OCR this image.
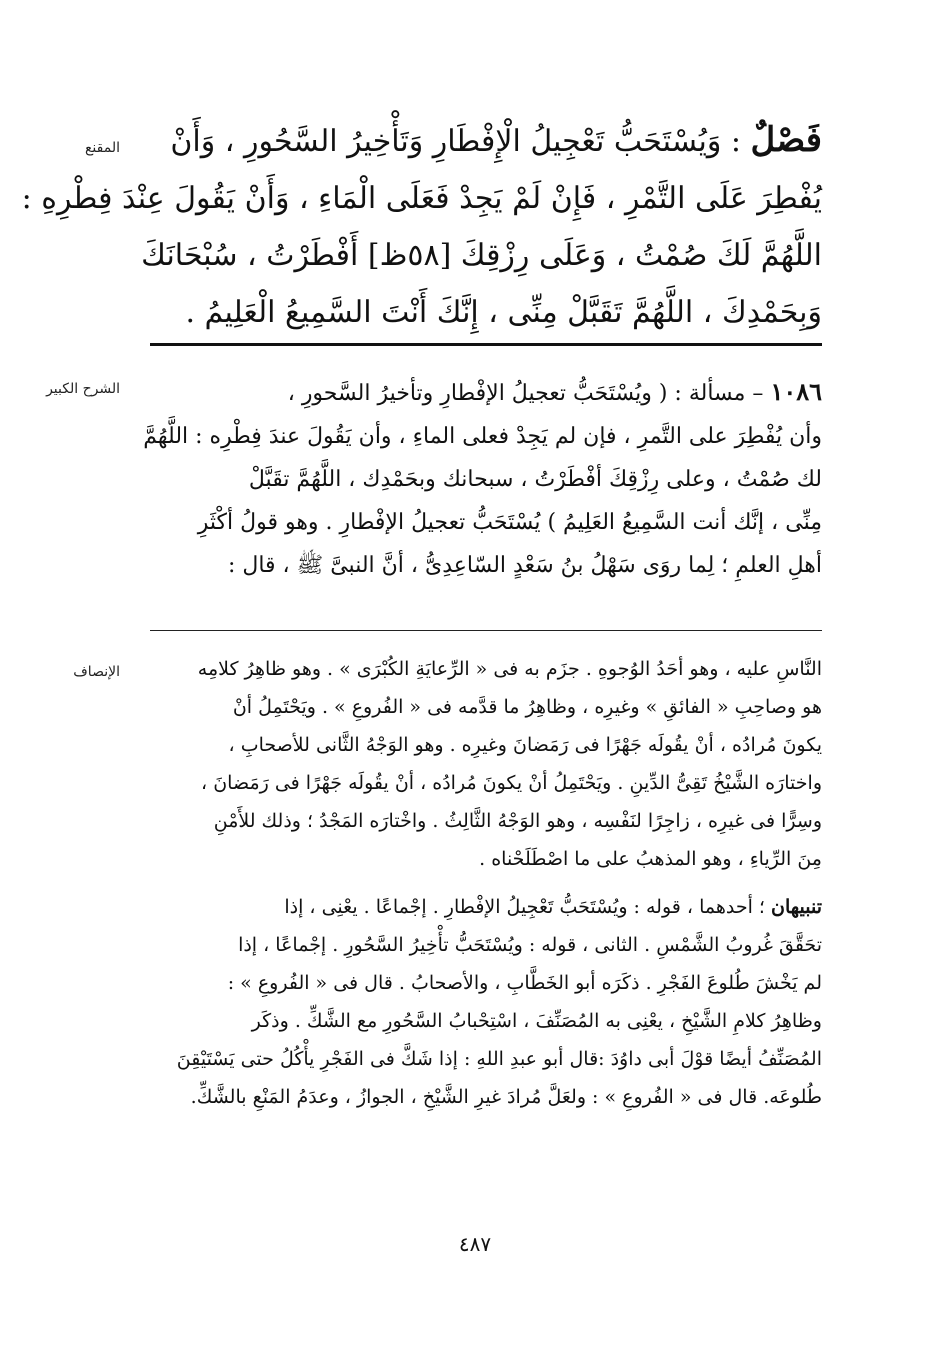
المقنع
الشرح الكبير
الإنصاف
فَصْلٌ : وَيُسْتَحَبُّ تَعْجِيلُ الْإِفْطَارِ وَتَأْخِيرُ السَّحُورِ ، وَأَنْ
يُفْطِرَ عَلَى التَّمْرِ ، فَإِنْ لَمْ يَجِدْ فَعَلَى الْمَاءِ ، وَأَنْ يَقُولَ عِنْدَ فِطْرِهِ :
اللَّهُمَّ لَكَ صُمْتُ ، وَعَلَى رِزْقِكَ [٥٨ظ] أَفْطَرْتُ ، سُبْحَانَكَ
وَبِحَمْدِكَ ، اللَّهُمَّ تَقَبَّلْ مِنِّى ، إِنَّكَ أَنْتَ السَّمِيعُ الْعَلِيمُ .
١٠٨٦ – مسألة : ( ويُسْتَحَبُّ تعجيلُ الإفْطارِ وتأخيرُ السَّحورِ ،
وأن يُفْطِرَ على التَّمرِ ، فإن لم يَجِدْ فعلى الماءِ ، وأن يَقُولَ عندَ فِطْرِه : اللَّهُمَّ
لك صُمْتُ ، وعلى رِزْقِكَ أفْطَرْتُ ، سبحانك وبحَمْدِك ، اللَّهُمَّ تقَبَّلْ
مِنِّى ، إنَّك أنت السَّمِيعُ العَلِيمُ ) يُسْتَحَبُّ تعجيلُ الإفْطارِ . وهو قولُ أكْثَرِ
أهلِ العلمِ ؛ لِما روَى سَهْلُ بنُ سَعْدٍ السّاعِدِىُّ ، أنَّ النبىَّ ﷺ ، قال :
النَّاسِ عليه ، وهو أحَدُ الوُجوهِ . جزَم به فى « الرِّعايَةِ الكُبْرَى » . وهو ظاهِرُ كلامِه
هو وصاحِبِ « الفائقِ » وغيرِه ، وظاهِرُ ما قدَّمه فى « الفُروعِ » . ويَحْتَمِلُ أنْ
يكونَ مُرادُه ، أنْ يقُولَه جَهْرًا فى رَمَضانَ وغيرِه . وهو الوَجْهُ الثَّانى للأصحابِ ،
واختارَه الشَّيْخُ تَقِىُّ الدِّينِ . ويَحْتَمِلُ أنْ يكونَ مُرادُه ، أنْ يقُولَه جَهْرًا فى رَمَضانَ ،
وسِرًّا فى غيرِه ، زاجِرًا لنَفْسِه ، وهو الوَجْهُ الثَّالِثُ . واخْتارَه المَجْدُ ؛ وذلك للأَمْنِ
مِنَ الرِّياءِ ، وهو المذهبُ على ما اصْطَلَحْناه .
تنبيهان ؛ أحدهما ، قوله : ويُسْتَحَبُّ تَعْجِيلُ الإفْطارِ . إجْماعًا . يعْنِى ، إذا
تحَقَّقَ غُروبُ الشَّمْسِ . الثانى ، قوله : ويُسْتَحَبُّ تأْخِيرُ السَّحُورِ . إجْماعًا ، إذا
لم يَخْشَ طُلوعَ الفَجْرِ . ذكَرَه أبو الخَطَّابِ ، والأصحابُ . قال فى « الفُروعِ » :
وظاهِرُ كلامِ الشَّيْخِ ، يعْنِى به المُصَنِّفَ ، اسْتِحْبابُ السَّحُورِ مع الشَّكِّ . وذكَر
المُصَنِّفُ أيضًا قوْلَ أبى داوُدَ :قال أبو عبدِ اللهِ : إذا شَكَّ فى الفَجْرِ يأْكُلُ حتى يَسْتَيْقِنَ
طُلوعَه. قال فى « الفُروعِ » : ولعَلَّ مُرادَ غيرِ الشَّيْخِ ، الجوازُ ، وعدَمُ المَنْعِ بالشَّكِّ.
٤٨٧
